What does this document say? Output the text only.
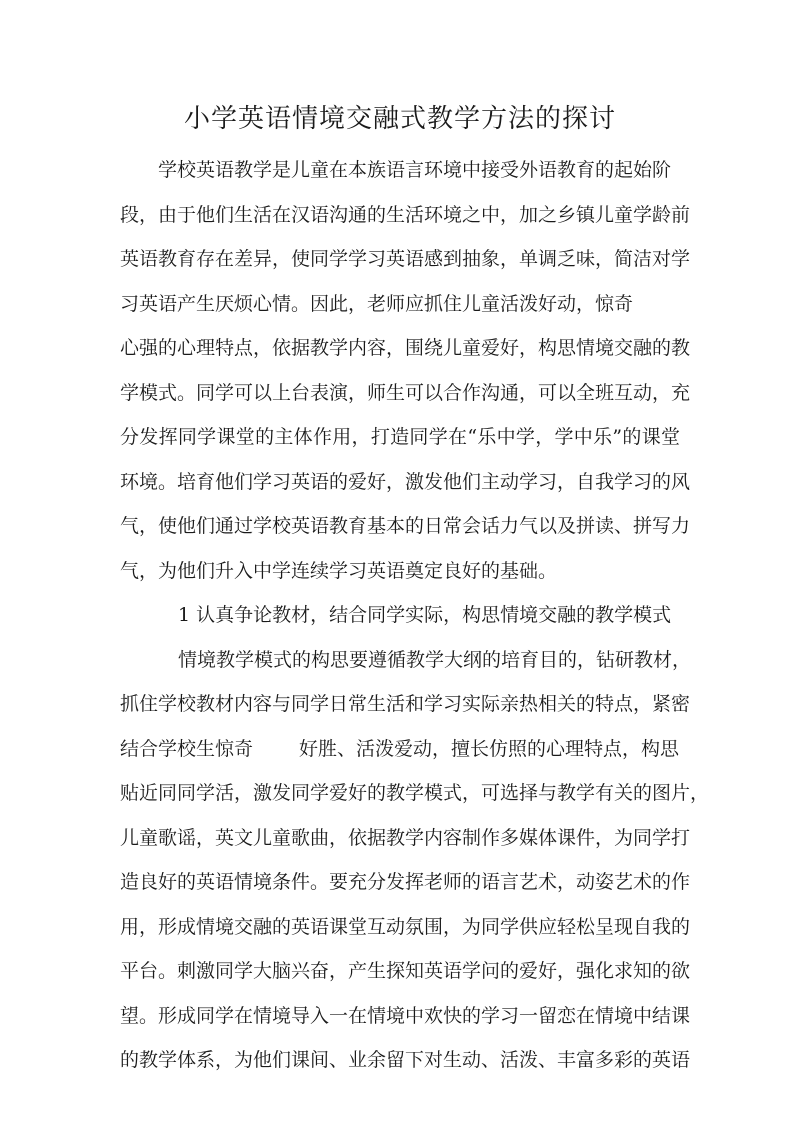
小学英语情境交融式教学方法的探讨

学校英语教学是儿童在本族语言环境中接受外语教育的起始阶

段，由于他们生活在汉语沟通的生活环境之中，加之乡镇儿童学龄前

英语教育存在差异，使同学学习英语感到抽象，单调乏味，简洁对学

习英语产生厌烦心情。因此，老师应抓住儿童活泼好动，惊奇

心强的心理特点，依据教学内容，围绕儿童爱好，构思情境交融的教

学模式。同学可以上台表演，师生可以合作沟通，可以全班互动，充

分发挥同学课堂的主体作用，打造同学在“乐中学，学中乐”的课堂

环境。培育他们学习英语的爱好，激发他们主动学习，自我学习的风

气，使他们通过学校英语教育基本的日常会话力气以及拼读、拼写力

气，为他们升入中学连续学习英语奠定良好的基础。

1 认真争论教材，结合同学实际，构思情境交融的教学模式

情境教学模式的构思要遵循教学大纲的培育目的，钻研教材，

抓住学校教材内容与同学日常生活和学习实际亲热相关的特点，紧密

结合学校生惊奇 好胜、活泼爱动，擅长仿照的心理特点，构思

贴近同同学活，激发同学爱好的教学模式，可选择与教学有关的图片，

儿童歌谣，英文儿童歌曲，依据教学内容制作多媒体课件，为同学打

造良好的英语情境条件。要充分发挥老师的语言艺术，动姿艺术的作

用，形成情境交融的英语课堂互动氛围，为同学供应轻松呈现自我的

平台。刺激同学大脑兴奋，产生探知英语学问的爱好，强化求知的欲

望。形成同学在情境导入一在情境中欢快的学习一留恋在情境中结课

的教学体系，为他们课间、业余留下对生动、活泼、丰富多彩的英语
